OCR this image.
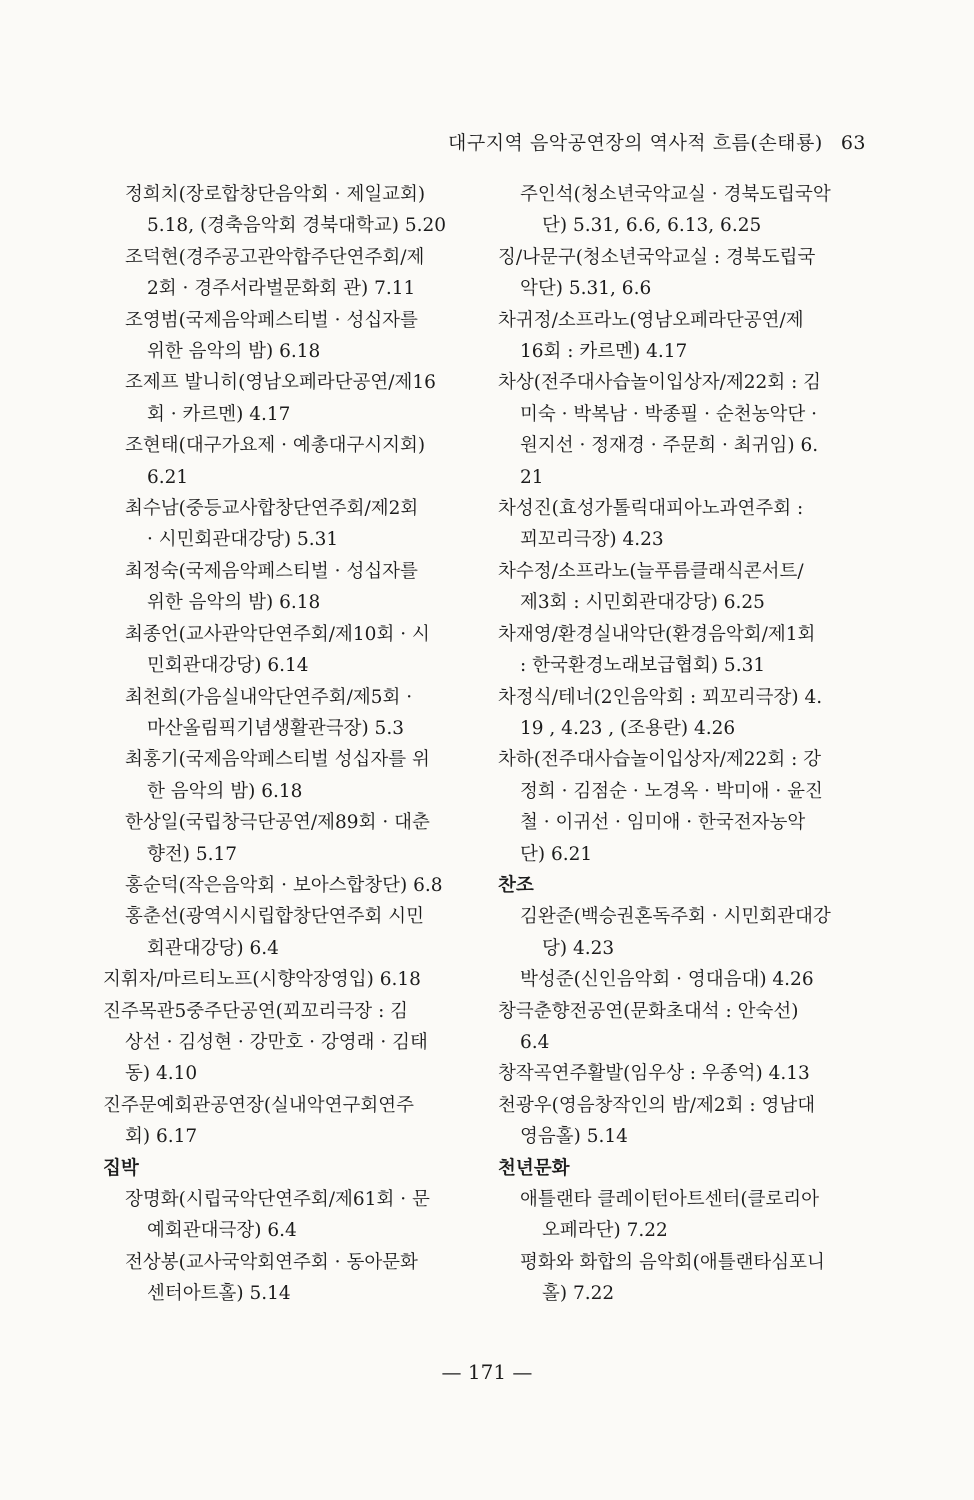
대구지역 음악공연장의 역사적 흐름(손태룡) 63
정희치(장로합창단음악회 · 제일교회)
5.18, (경축음악회 경북대학교) 5.20
조덕현(경주공고관악합주단연주회/제
2회 · 경주서라벌문화회 관) 7.11
조영범(국제음악페스티벌 · 성십자를
위한 음악의 밤) 6.18
조제프 발니히(영남오페라단공연/제16
회 · 카르멘) 4.17
조현태(대구가요제 · 예총대구시지회)
6.21
최수남(중등교사합창단연주회/제2회
· 시민회관대강당) 5.31
최정숙(국제음악페스티벌 · 성십자를
위한 음악의 밤) 6.18
최종언(교사관악단연주회/제10회 · 시
민회관대강당) 6.14
최천희(가음실내악단연주회/제5회 ·
마산올림픽기념생활관극장) 5.3
최홍기(국제음악페스티벌 성십자를 위
한 음악의 밤) 6.18
한상일(국립창극단공연/제89회 · 대춘
향전) 5.17
홍순덕(작은음악회 · 보아스합창단) 6.8
홍춘선(광역시시립합창단연주회 시민
회관대강당) 6.4
지휘자/마르티노프(시향악장영입) 6.18
진주목관5중주단공연(꾀꼬리극장 : 김
상선 · 김성현 · 강만호 · 강영래 · 김태
동) 4.10
진주문예회관공연장(실내악연구회연주
회) 6.17
집박
장명화(시립국악단연주회/제61회 · 문
예회관대극장) 6.4
전상봉(교사국악회연주회 · 동아문화
센터아트홀) 5.14
주인석(청소년국악교실 · 경북도립국악
단) 5.31, 6.6, 6.13, 6.25
징/나문구(청소년국악교실 : 경북도립국
악단) 5.31, 6.6
차귀정/소프라노(영남오페라단공연/제
16회 : 카르멘) 4.17
차상(전주대사습놀이입상자/제22회 : 김
미숙 · 박복남 · 박종필 · 순천농악단 ·
원지선 · 정재경 · 주문희 · 최귀임) 6.
21
차성진(효성가톨릭대피아노과연주회 :
꾀꼬리극장) 4.23
차수정/소프라노(늘푸름클래식콘서트/
제3회 : 시민회관대강당) 6.25
차재영/환경실내악단(환경음악회/제1회
: 한국환경노래보급협회) 5.31
차정식/테너(2인음악회 : 꾀꼬리극장) 4.
19 , 4.23 , (조용란) 4.26
차하(전주대사습놀이입상자/제22회 : 강
정희 · 김점순 · 노경옥 · 박미애 · 윤진
철 · 이귀선 · 임미애 · 한국전자농악
단) 6.21
찬조
김완준(백승권혼독주회 · 시민회관대강
당) 4.23
박성준(신인음악회 · 영대음대) 4.26
창극춘향전공연(문화초대석 : 안숙선)
6.4
창작곡연주활발(임우상 : 우종억) 4.13
천광우(영음창작인의 밤/제2회 : 영남대
영음홀) 5.14
천년문화
애틀랜타 클레이턴아트센터(클로리아
오페라단) 7.22
평화와 화합의 음악회(애틀랜타심포니
홀) 7.22
— 171 —
